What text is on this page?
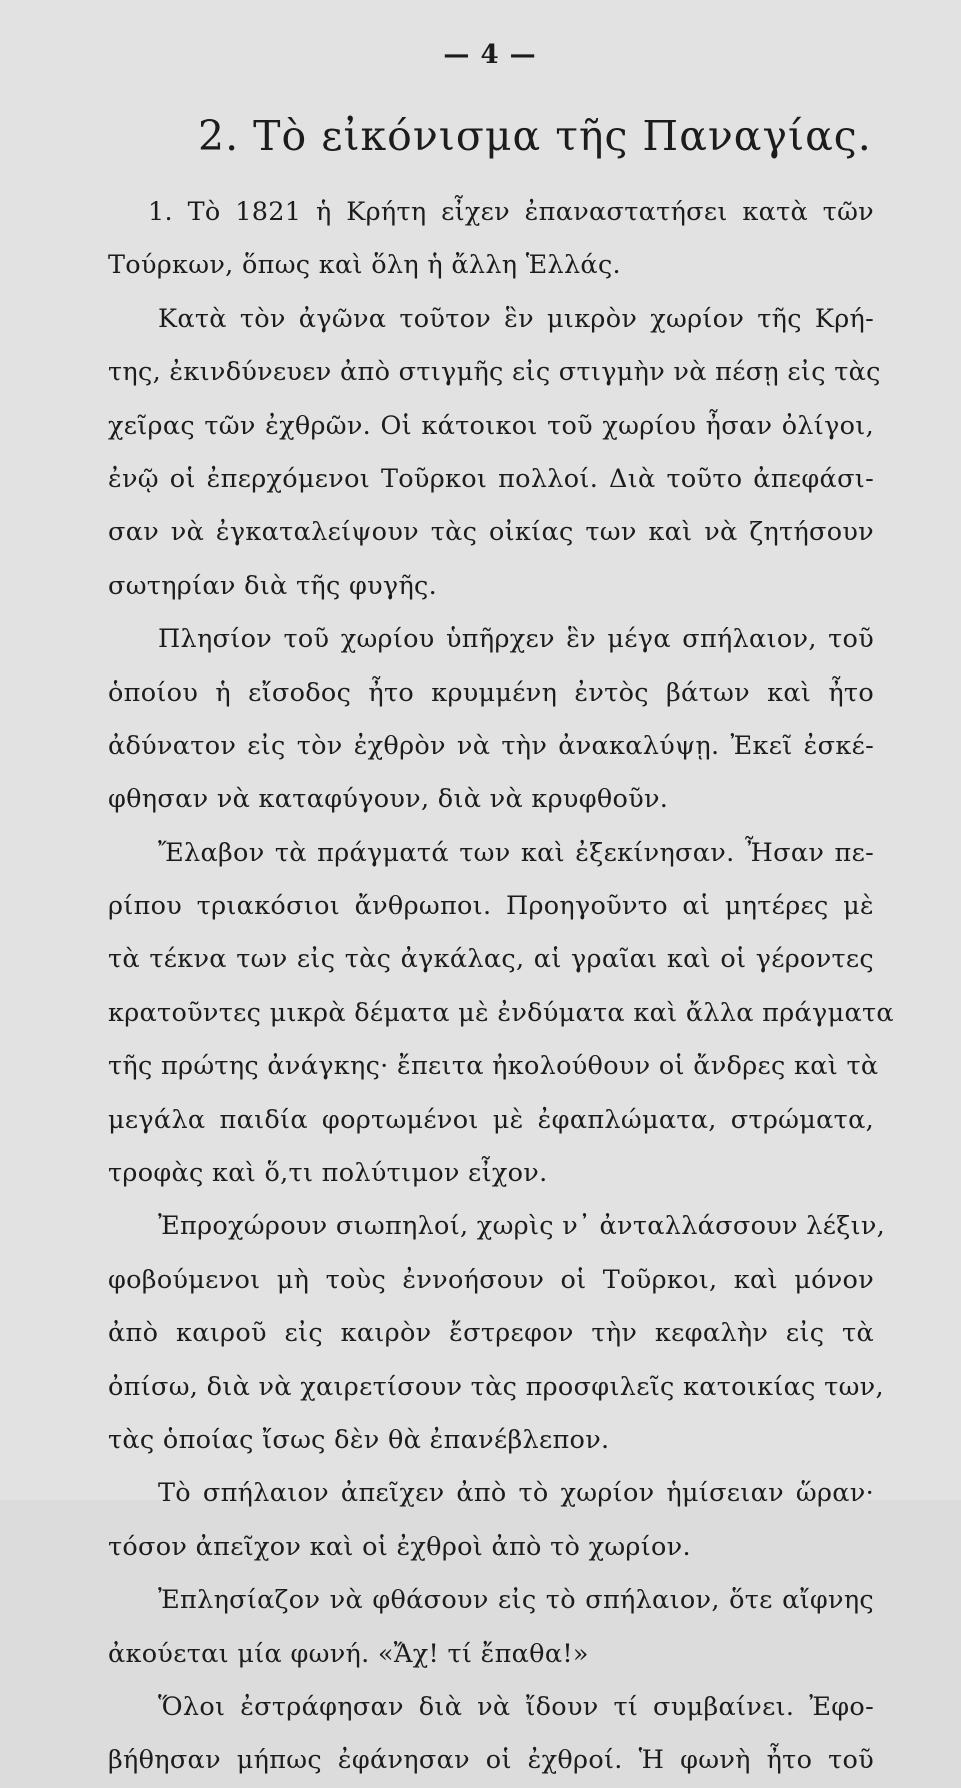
— 4 —
2. Τὸ εἰκόνισμα τῆς Παναγίας.
1. Τὸ 1821 ἡ Κρήτη εἶχεν ἐπαναστατήσει κατὰ τῶν
Τούρκων, ὅπως καὶ ὅλη ἡ ἄλλη Ἑλλάς.
Κατὰ τὸν ἀγῶνα τοῦτον ἓν μικρὸν χωρίον τῆς Κρή-
της, ἐκινδύνευεν ἀπὸ στιγμῆς εἰς στιγμὴν νὰ πέσῃ εἰς τὰς
χεῖρας τῶν ἐχθρῶν. Οἱ κάτοικοι τοῦ χωρίου ἦσαν ὀλίγοι,
ἐνῷ οἱ ἐπερχόμενοι Τοῦρκοι πολλοί. Διὰ τοῦτο ἀπεφάσι-
σαν νὰ ἐγκαταλείψουν τὰς οἰκίας των καὶ νὰ ζητήσουν
σωτηρίαν διὰ τῆς φυγῆς.
Πλησίον τοῦ χωρίου ὑπῆρχεν ἓν μέγα σπήλαιον, τοῦ
ὁποίου ἡ εἴσοδος ἦτο κρυμμένη ἐντὸς βάτων καὶ ἦτο
ἀδύνατον εἰς τὸν ἐχθρὸν νὰ τὴν ἀνακαλύψῃ. Ἐκεῖ ἐσκέ-
φθησαν νὰ καταφύγουν, διὰ νὰ κρυφθοῦν.
Ἔλαβον τὰ πράγματά των καὶ ἐξεκίνησαν. Ἦσαν πε-
ρίπου τριακόσιοι ἄνθρωποι. Προηγοῦντο αἱ μητέρες μὲ
τὰ τέκνα των εἰς τὰς ἀγκάλας, αἱ γραῖαι καὶ οἱ γέροντες
κρατοῦντες μικρὰ δέματα μὲ ἐνδύματα καὶ ἄλλα πράγματα
τῆς πρώτης ἀνάγκης· ἔπειτα ἠκολούθουν οἱ ἄνδρες καὶ τὰ
μεγάλα παιδία φορτωμένοι μὲ ἐφαπλώματα, στρώματα,
τροφὰς καὶ ὅ,τι πολύτιμον εἶχον.
Ἐπροχώρουν σιωπηλοί, χωρὶς ν᾿ ἀνταλλάσσουν λέξιν,
φοβούμενοι μὴ τοὺς ἐννοήσουν οἱ Τοῦρκοι, καὶ μόνον
ἀπὸ καιροῦ εἰς καιρὸν ἔστρεφον τὴν κεφαλὴν εἰς τὰ
ὀπίσω, διὰ νὰ χαιρετίσουν τὰς προσφιλεῖς κατοικίας των,
τὰς ὁποίας ἴσως δὲν θὰ ἐπανέβλεπον.
Τὸ σπήλαιον ἀπεῖχεν ἀπὸ τὸ χωρίον ἡμίσειαν ὥραν·
τόσον ἀπεῖχον καὶ οἱ ἐχθροὶ ἀπὸ τὸ χωρίον.
Ἐπλησίαζον νὰ φθάσουν εἰς τὸ σπήλαιον, ὅτε αἴφνης
ἀκούεται μία φωνή. «Ἄχ! τί ἔπαθα!»
Ὅλοι ἐστράφησαν διὰ νὰ ἴδουν τί συμβαίνει. Ἐφο-
βήθησαν μήπως ἐφάνησαν οἱ ἐχθροί. Ἡ φωνὴ ἦτο τοῦ
